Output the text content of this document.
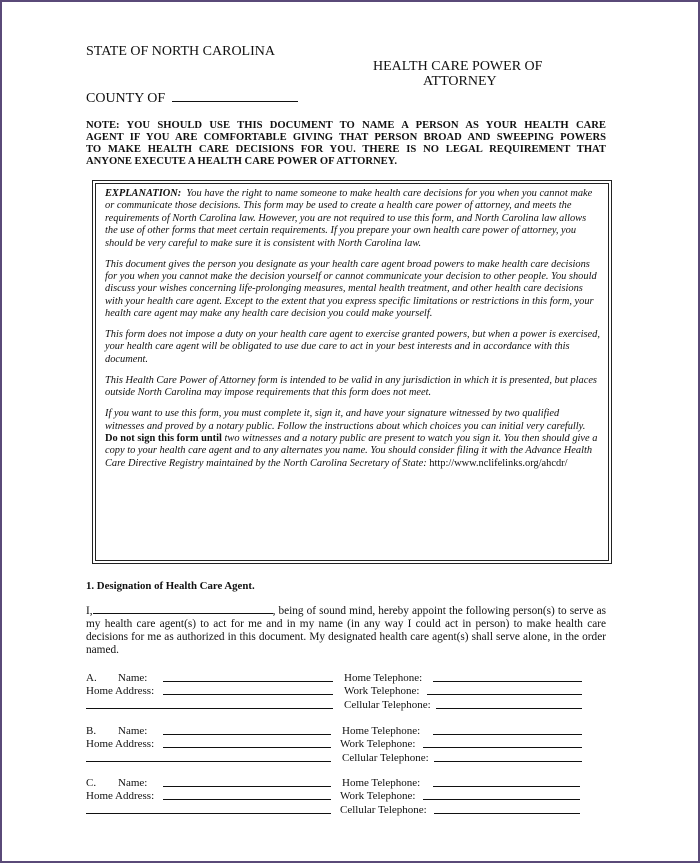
STATE OF NORTH CAROLINA
HEALTH CARE POWER OF
ATTORNEY
COUNTY OF
NOTE: YOU SHOULD USE THIS DOCUMENT TO NAME A PERSON AS YOUR HEALTH CARE
AGENT IF YOU ARE COMFORTABLE GIVING THAT PERSON BROAD AND SWEEPING POWERS
TO MAKE HEALTH CARE DECISIONS FOR YOU. THERE IS NO LEGAL REQUIREMENT THAT
ANYONE EXECUTE A HEALTH CARE POWER OF ATTORNEY.

EXPLANATION: You have the right to name someone to make health care decisions for you when you cannot make or communicate those decisions. This form may be used to create a health care power of attorney, and meets the requirements of North Carolina law. However, you are not required to use this form, and North Carolina law allows the use of other forms that meet certain requirements. If you prepare your own health care power of attorney, you should be very careful to make sure it is consistent with North Carolina law.

This document gives the person you designate as your health care agent broad powers to make health care decisions for you when you cannot make the decision yourself or cannot communicate your decision to other people. You should discuss your wishes concerning life-prolonging measures, mental health treatment, and other health care decisions with your health care agent. Except to the extent that you express specific limitations or restrictions in this form, your health care agent may make any health care decision you could make yourself.

This form does not impose a duty on your health care agent to exercise granted powers, but when a power is exercised, your health care agent will be obligated to use due care to act in your best interests and in accordance with this document.

This Health Care Power of Attorney form is intended to be valid in any jurisdiction in which it is presented, but places outside North Carolina may impose requirements that this form does not meet.

If you want to use this form, you must complete it, sign it, and have your signature witnessed by two qualified witnesses and proved by a notary public. Follow the instructions about which choices you can initial very carefully. Do not sign this form until two witnesses and a notary public are present to watch you sign it. You then should give a copy to your health care agent and to any alternates you name. You should consider filing it with the Advance Health Care Directive Registry maintained by the North Carolina Secretary of State: http://www.nclifelinks.org/ahcdr/

1. Designation of Health Care Agent.
I,	, being of sound mind, hereby appoint the following person(s) to serve as my health care agent(s) to act for me and in my name (in any way I could act in person) to make health care decisions for me as authorized in this document. My designated health care agent(s) shall serve alone, in the order named.
A. Name:	Home Telephone:
Home Address:	Work Telephone:
Cellular Telephone:
B. Name:	Home Telephone:
Home Address:	Work Telephone:
Cellular Telephone:
C. Name:	Home Telephone:
Home Address:	Work Telephone:
Cellular Telephone:
